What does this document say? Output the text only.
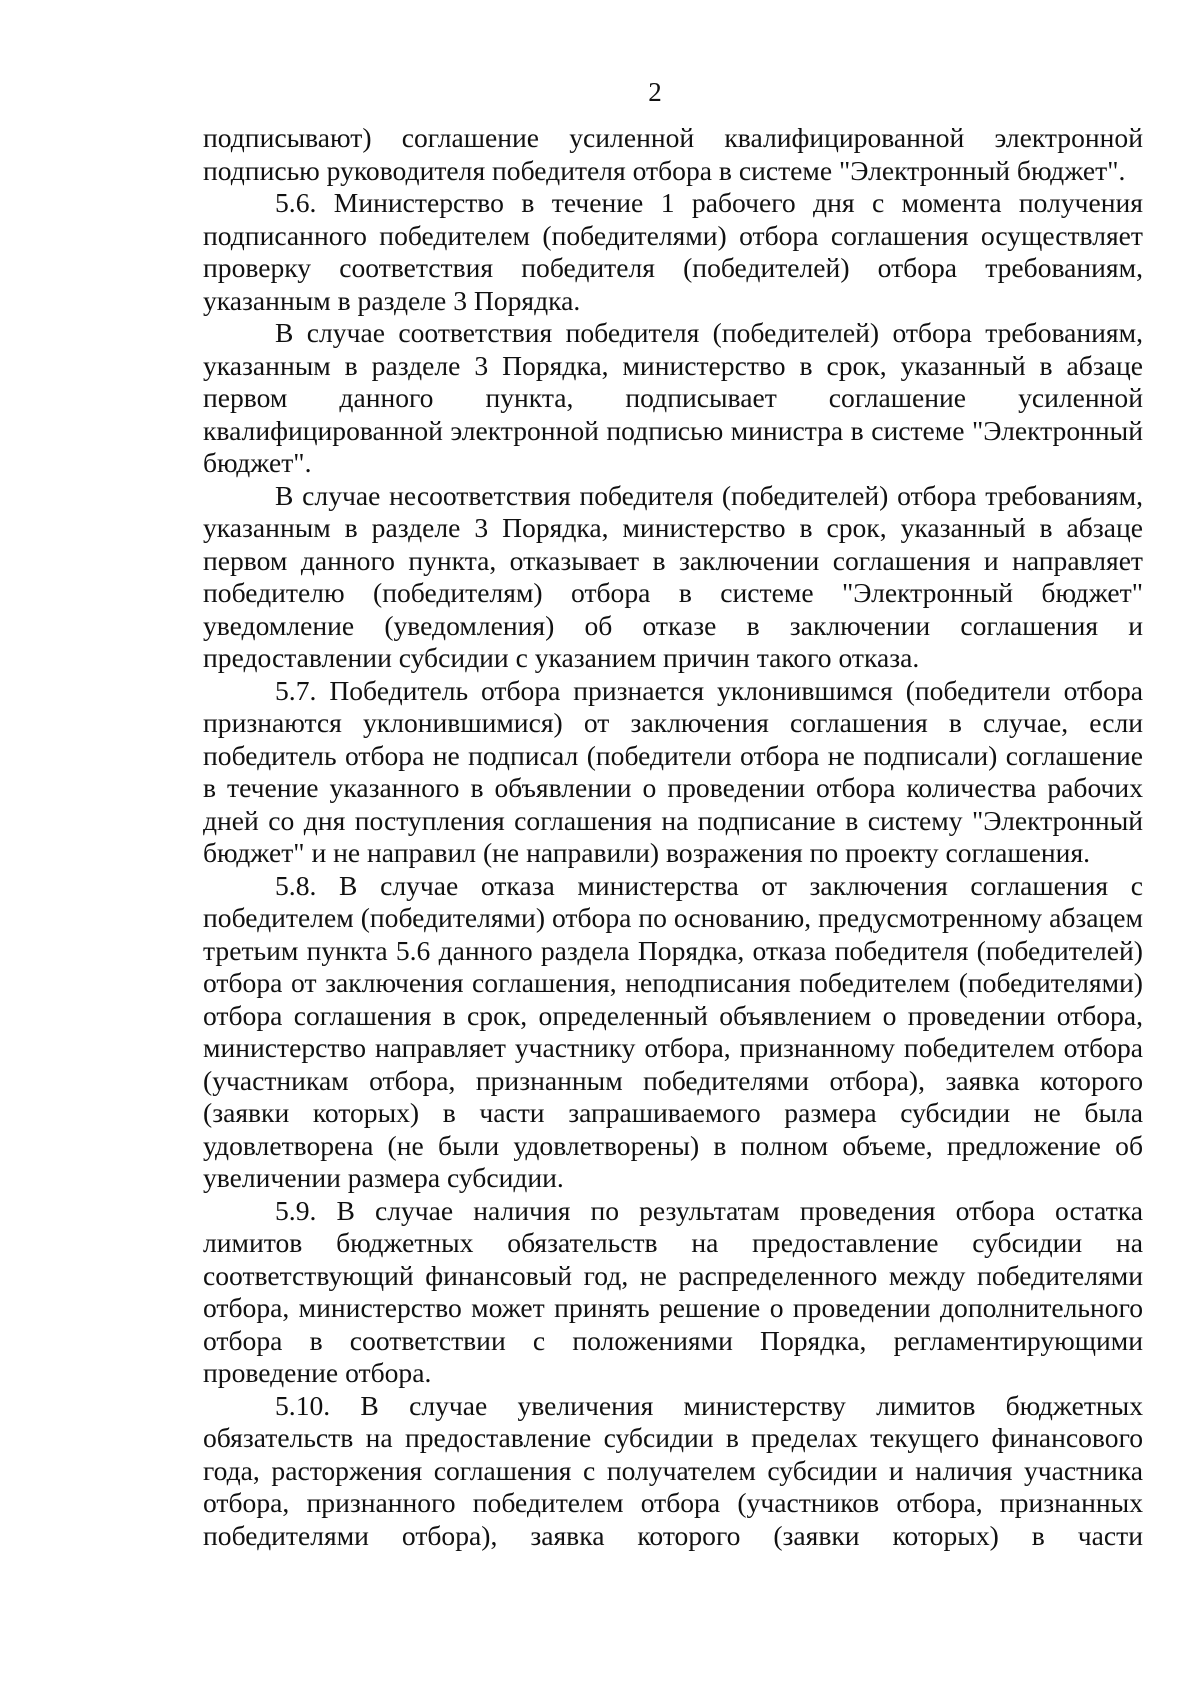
2

подписывают) соглашение усиленной квалифицированной электронной подписью руководителя победителя отбора в системе "Электронный бюджет".

5.6. Министерство в течение 1 рабочего дня с момента получения подписанного победителем (победителями) отбора соглашения осуществляет проверку соответствия победителя (победителей) отбора требованиям, указанным в разделе 3 Порядка.

В случае соответствия победителя (победителей) отбора требованиям, указанным в разделе 3 Порядка, министерство в срок, указанный в абзаце первом данного пункта, подписывает соглашение усиленной квалифицированной электронной подписью министра в системе "Электронный бюджет".

В случае несоответствия победителя (победителей) отбора требованиям, указанным в разделе 3 Порядка, министерство в срок, указанный в абзаце первом данного пункта, отказывает в заключении соглашения и направляет победителю (победителям) отбора в системе "Электронный бюджет" уведомление (уведомления) об отказе в заключении соглашения и предоставлении субсидии с указанием причин такого отказа.

5.7. Победитель отбора признается уклонившимся (победители отбора признаются уклонившимися) от заключения соглашения в случае, если победитель отбора не подписал (победители отбора не подписали) соглашение в течение указанного в объявлении о проведении отбора количества рабочих дней со дня поступления соглашения на подписание в систему "Электронный бюджет" и не направил (не направили) возражения по проекту соглашения.

5.8. В случае отказа министерства от заключения соглашения с победителем (победителями) отбора по основанию, предусмотренному абзацем третьим пункта 5.6 данного раздела Порядка, отказа победителя (победителей) отбора от заключения соглашения, неподписания победителем (победителями) отбора соглашения в срок, определенный объявлением о проведении отбора, министерство направляет участнику отбора, признанному победителем отбора (участникам отбора, признанным победителями отбора), заявка которого (заявки которых) в части запрашиваемого размера субсидии не была удовлетворена (не были удовлетворены) в полном объеме, предложение об увеличении размера субсидии.

5.9. В случае наличия по результатам проведения отбора остатка лимитов бюджетных обязательств на предоставление субсидии на соответствующий финансовый год, не распределенного между победителями отбора, министерство может принять решение о проведении дополнительного отбора в соответствии с положениями Порядка, регламентирующими проведение отбора.

5.10. В случае увеличения министерству лимитов бюджетных обязательств на предоставление субсидии в пределах текущего финансового года, расторжения соглашения с получателем субсидии и наличия участника отбора, признанного победителем отбора (участников отбора, признанных победителями отбора), заявка которого (заявки которых) в части
